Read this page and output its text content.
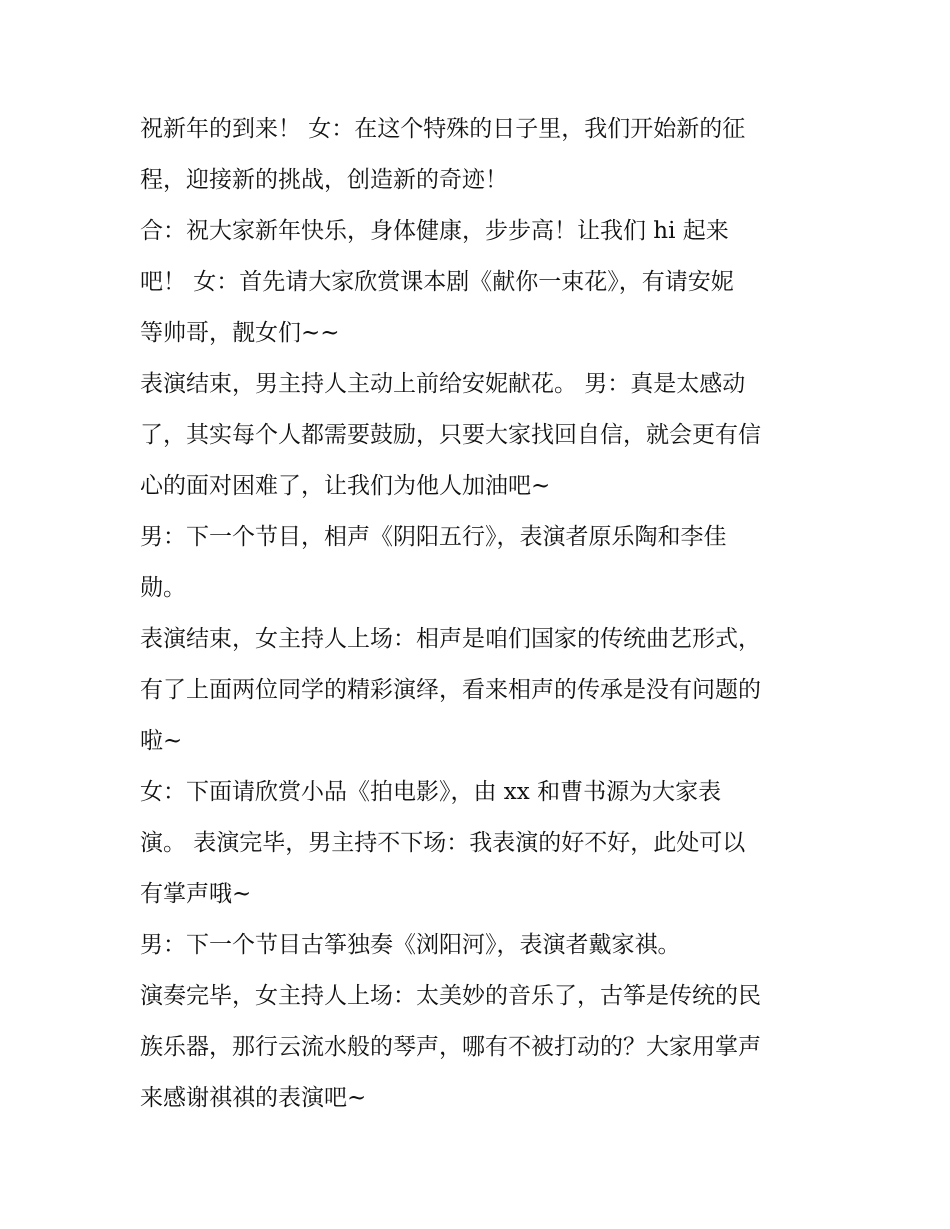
祝新年的到来！ 女：在这个特殊的日子里，我们开始新的征
程，迎接新的挑战，创造新的奇迹！
合：祝大家新年快乐，身体健康，步步高！让我们 hi 起来
吧！ 女：首先请大家欣赏课本剧《献你一束花》，有请安妮
等帅哥，靓女们~~
表演结束，男主持人主动上前给安妮献花。 男：真是太感动
了，其实每个人都需要鼓励，只要大家找回自信，就会更有信
心的面对困难了，让我们为他人加油吧~
男：下一个节目，相声《阴阳五行》，表演者原乐陶和李佳
勋。
表演结束，女主持人上场：相声是咱们国家的传统曲艺形式，
有了上面两位同学的精彩演绎，看来相声的传承是没有问题的
啦~
女：下面请欣赏小品《拍电影》，由 xx 和曹书源为大家表
演。 表演完毕，男主持不下场：我表演的好不好，此处可以
有掌声哦~
男：下一个节目古筝独奏《浏阳河》，表演者戴家祺。
演奏完毕，女主持人上场：太美妙的音乐了，古筝是传统的民
族乐器，那行云流水般的琴声，哪有不被打动的？大家用掌声
来感谢祺祺的表演吧~
